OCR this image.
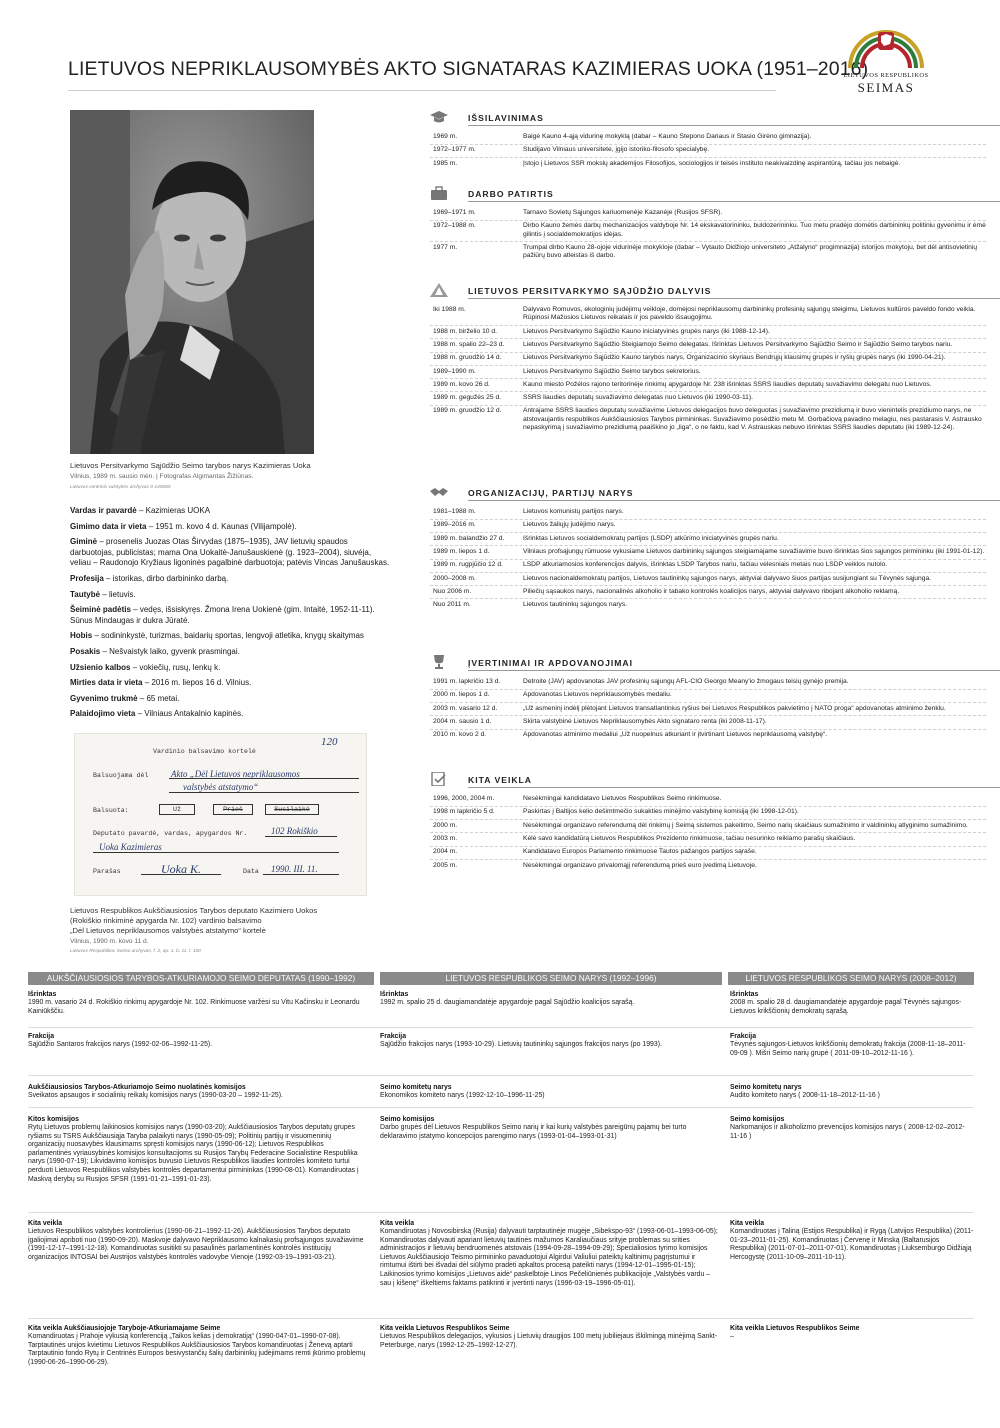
LIETUVOS NEPRIKLAUSOMYBĖS AKTO SIGNATARAS KAZIMIERAS UOKA (1951–2016)
LIETUVOS RESPUBLIKOS
SEIMAS
Lietuvos Persitvarkymo Sąjūdžio Seimo tarybos narys Kazimieras Uoka
Vilnius, 1989 m. sausio mėn. | Fotografas Algimantas Žižiūnas.
Lietuvos centrinis valstybės archyvas 0-145085
Vardas ir pavardė – Kazimieras UOKA
Gimimo data ir vieta – 1951 m. kovo 4 d. Kaunas (Vilijampolė).
Giminė – prosenelis Juozas Otas Širvydas (1875–1935), JAV lietuvių spaudos darbuotojas, publicistas; mama Ona Uokaitė-Janušauskienė (g. 1923–2004), siuvėja, veliau – Raudonojo Kryžiaus ligoninės pagalbinė darbuotoja; patėvis Vincas Janušauskas.
Profesija – istorikas, dirbo darbininko darbą.
Tautybė – lietuvis.
Šeiminė padėtis – vedęs, išsiskyręs. Žmona Irena Uokienė (gim. Intaitė, 1952-11-11). Sūnus Mindaugas ir dukra Jūratė.
Hobis – sodininkystė, turizmas, baidarių sportas, lengvoji atletika, knygų skaitymas
Posakis – Nešvaistyk laiko, gyvenk prasmingai.
Užsienio kalbos – vokiečių, rusų, lenkų k.
Mirties data ir vieta – 2016 m. liepos 16 d. Vilnius.
Gyvenimo trukmė – 65 metai.
Palaidojimo vieta – Vilniaus Antakalnio kapinės.
120
Vardinio balsavimo kortelė
Balsuojama dėl	Akto „Dėl Lietuvos nepriklausomos
valstybės atstatymo“
Balsuota:	Už	Prieš	Susilaikė
Deputato pavardė, vardas, apygardos Nr.	102 Rokiškio
Uoka Kazimieras
Parašas	Uoka K.	Data 1990. III. 11.
Lietuvos Respublikos Aukščiausiosios Tarybos deputato Kazimiero Uokos
(Rokiškio rinkiminė apygarda Nr. 102) vardinio balsavimo
„Dėl Lietuvos nepriklausomos valstybės atstatymo“ kortelė
Vilnius, 1990 m. kovo 11 d.
Lietuvos Respublikos Seimo archyvas, f. 2, ap. 1, b. 11, l. 100
IŠSILAVINIMAS
1969 m.	Baigė Kauno 4-ąją vidurinę mokyklą (dabar – Kauno Stepono Dariaus ir Stasio Girėno gimnazija).
1972–1977 m.	Studijavo Vilniaus universitete, įgijo istoriko-filosofo specialybę.
1985 m.	Įstojo į Lietuvos SSR mokslų akademijos Filosofijos, sociologijos ir teisės instituto neakivaizdinę aspirantūrą, tačiau jos nebaigė.
DARBO PATIRTIS
1969–1971 m.	Tarnavo Sovietų Sąjungos kariuomenėje Kazanėje (Rusijos SFSR).
1972–1988 m.	Dirbo Kauno žemės darbų mechanizacijos valdyboje Nr. 14 ekskavatorininku, buldozerininku. Tuo metu pradėjo domėtis darbininkų politiniu gyvenimu ir ėmė gilintis į socialdemokratijos idėjas.
1977 m.	Trumpai dirbo Kauno 28-ojoje vidurinėje mokykloje (dabar – Vytauto Didžiojo universiteto „Atžalyno“ progimnazija) istorijos mokytoju, bet dėl antisovietinių pažiūrų buvo atleistas iš darbo.
LIETUVOS PERSITVARKYMO SĄJŪDŽIO DALYVIS
Iki 1988 m.	Dalyvavo Romuvos, ekologinių judėjimų veikloje, domėjosi nepriklausomų darbininkų profesinių sąjungų steigimu, Lietuvos kultūros paveldo fondo veikla. Rūpinosi Mažosios Lietuvos reikalais ir jos paveldo išsaugojimu.
1988 m. birželio 10 d.	Lietuvos Persitvarkymo Sąjūdžio Kauno iniciatyvinės grupės narys (iki 1988-12-14).
1988 m. spalio 22–23 d.	Lietuvos Persitvarkymo Sąjūdžio Steigiamojo Seimo delegatas. Išrinktas Lietuvos Persitvarkymo Sąjūdžio Seimo ir Sąjūdžio Seimo tarybos nariu.
1988 m. gruodžio 14 d.	Lietuvos Persitvarkymo Sąjūdžio Kauno tarybos narys, Organizacinio skyriaus Bendrųjų klausimų grupės ir ryšių grupės narys (iki 1990-04-21).
1989–1990 m.	Lietuvos Persitvarkymo Sąjūdžio Seimo tarybos sekretorius.
1989 m. kovo 26 d.	Kauno miesto Požėlos rajono teritorinėje rinkimų apygardoje Nr. 238 išrinktas SSRS liaudies deputatų suvažiavimo delegatu nuo Lietuvos.
1989 m. gegužės 25 d.	SSRS liaudies deputatų suvažiavimo delegatas nuo Lietuvos (iki 1990-03-11).
1989 m. gruodžio 12 d.	Antrajame SSRS liaudies deputatų suvažiavime Lietuvos delegacijos buvo deleguotas į suvažiavimo prezidiumą ir buvo vienintelis prezidiumo narys, ne atstovaujantis respublikos Aukščiausiosios Tarybos pirmininkas. Suvažiavimo posėdžio metu M. Gorbačiovą pavadino melagiu, nes pastarasis V. Astrausko nepaskyrimą į suvažiavimo prezidiumą paaiškino jo „liga“, o ne faktu, kad V. Astrauskas nebuvo išrinktas SSRS liaudies deputatu (iki 1989-12-24).
ORGANIZACIJŲ, PARTIJŲ NARYS
1981–1988 m.	Lietuvos komunistų partijos narys.
1989–2016 m.	Lietuvos žaliųjų judėjimo narys.
1989 m. balandžio 27 d.	Išrinktas Lietuvos socialdemokratų partijos (LSDP) atkūrimo iniciatyvinės grupės nariu.
1989 m. liepos 1 d.	Vilniaus profsąjungų rūmuose vykusiame Lietuvos darbininkų sąjungos steigiamajame suvažiavime buvo išrinktas šios sąjungos pirmininku (iki 1991-01-12).
1989 m. rugpjūčio 12 d.	LSDP atkuriamosios konferencijos dalyvis, išrinktas LSDP Tarybos nariu, tačiau vėlesniais metais nuo LSDP veiklos nutolo.
2000–2008 m.	Lietuvos nacionaldemokratų partijos, Lietuvos tautininkų sąjungos narys, aktyviai dalyvavo šiuos partijas susijungiant su Tėvynės sąjunga.
Nuo 2006 m.	Piliečių sąsaukos narys, nacionalinės alkoholio ir tabako kontrolės koalicijos narys, aktyviai dalyvavo ribojant alkoholio reklamą.
Nuo 2011 m.	Lietuvos tautininkų sąjungos narys.
ĮVERTINIMAI IR APDOVANOJIMAI
1991 m. lapkričio 13 d.	Detroite (JAV) apdovanotas JAV profesinių sąjungų AFL-CIO Georgo Meany'io žmogaus teisių gynėjo premija.
2000 m. liepos 1 d.	Apdovanotas Lietuvos nepriklausomybės medaliu.
2003 m. vasario 12 d.	„Už asmeninį indėlį plėtojant Lietuvos transatlantinius ryšius bei Lietuvos Respublikos pakvietimo į NATO proga“ apdovanotas atminimo ženklu.
2004 m. sausio 1 d.	Skirta valstybinė Lietuvos Nepriklausomybės Akto signataro renta (iki 2008-11-17).
2010 m. kovo 2 d.	Apdovanotas atminimo medaliui „Už nuopelnus atkuriant ir įtvirtinant Lietuvos nepriklausomą valstybę“.
KITA VEIKLA
1996, 2000, 2004 m.	Nesėkmingai kandidatavo Lietuvos Respublikos Seimo rinkimuose.
1998 m lapkričio 5 d.	Paskirtas į Baltijos kelio dešimtmečio sukakties minėjimo valstybinę komisiją (iki 1998-12-01).
2000 m.	Nesėkmingai organizavo referendumą dėl rinkimų į Seimą sistemos pakeitimo, Seimo narių skaičiaus sumažinimo ir valdininkų atlyginimo sumažinimo.
2003 m.	Kėlė savo kandidatūrą Lietuvos Respublikos Prezidento rinkimuose, tačiau nesurinko reikiamo parašų skaičiaus.
2004 m.	Kandidatavo Europos Parlamento rinkimuose Tautos pažangos partijos sąraše.
2005 m.	Nesėkmingai organizavo privalomąjį referendumą prieš euro įvedimą Lietuvoje.
AUKŠČIAUSIOSIOS TARYBOS-ATKURIAMOJO SEIMO DEPUTATAS (1990–1992)	LIETUVOS RESPUBLIKOS SEIMO NARYS (1992–1996)	LIETUVOS RESPUBLIKOS SEIMO NARYS (2008–2012)
Išrinktas
1990 m. vasario 24 d. Rokiškio rinkimų apygardoje Nr. 102. Rinkimuose varžėsi su Vitu Kačinsku ir Leonardu Kainiūkščiu.
Frakcija
Sąjūdžio Santaros frakcijos narys (1992-02-06–1992-11-25).
Aukščiausiosios Tarybos-Atkuriamojo Seimo nuolatinės komisijos
Sveikatos apsaugos ir socialinių reikalų komisijos narys (1990-03-20 – 1992-11-25).
Kitos komisijos
Rytų Lietuvos problemų laikinosios komisijos narys (1990-03-20); Aukščiausiosios Tarybos deputatų grupės ryšiams su TSRS Aukščiausiąja Taryba palaikyti narys (1990-05-09); Politinių partijų ir visuomeninių organizacijų nuosavybės klausimams spręsti komisijos narys (1990-06-12); Lietuvos Respublikos parlamentinės vyriausybinės komisijos konsultacijoms su Rusijos Tarybų Federacine Socialistine Respublika narys (1990-07-19); Likvidavimo komisijos buvusio Lietuvos Respublikos liaudies kontrolės komiteto turtui perduoti Lietuvos Respublikos valstybės kontrolės departamentui pirmininkas (1990-08-01). Komandiruotas į Maskvą derybų su Rusijos SFSR (1991-01-21–1991-01-23).
Kita veikla
Lietuvos Respublikos valstybės kontrolierius (1990-06-21–1992-11-26). Aukščiausiosios Tarybos deputato įgaliojimai apriboti nuo (1990-09-20). Maskvoje dalyvavo Nepriklausomo kalnakasių profsąjungos suvažiavime (1991-12-17–1991-12-18). Komandiruotas susitikti su pasaulinės parlamentinės kontrolės institucijų organizacijos INTOSAI bei Austrijos valstybės kontrolės vadovybe Vienoje (1992-03-19–1991-03-21).
Kita veikla Aukščiausiojoje Taryboje-Atkuriamajame Seime
Komandiruotas į Prahoje vykusią konferenciją „Taikos kelias į demokratiją“ (1990-047-01–1990-07-08). Tarptautinės unijos kvietimu Lietuvos Respublikos Aukščiausiosios Tarybos komandiruotas į Ženevą aptarti Tarptautinio fondo Rytų ir Centrinės Europos besivystančių šalių darbininkų judėjimams remti įkūrimo problemų (1990-06-26–1990-06-29).
Išrinktas
1992 m. spalio 25 d. daugiamandatėje apygardoje pagal Sąjūdžio koalicijos sąrašą.
Frakcija
Sąjūdžio frakcijos narys (1993-10-29). Lietuvių tautininkų sąjungos frakcijos narys (po 1993).
Seimo komitetų narys
Ekonomikos komiteto narys (1992-12-10–1996-11-25)
Seimo komisijos
Darbo grupės dėl Lietuvos Respublikos Seimo narių ir kai kurių valstybės pareigūnų pajamų bei turto deklaravimo įstatymo koncepcijos parengimo narys (1993-01-04–1993-01-31)
Kita veikla
Komandiruotas į Novosibirską (Rusija) dalyvauti tarptautinėje mugėje „Sibekspo-93“ (1993-06-01–1993-06-05); Komandiruotas dalyvauti apariant lietuvių tautinės mažumos Karaliaučiaus srityje problemas su srities administracijos ir lietuvių bendruomenės atstovais (1994-09-28–1994-09-29); Specialiosios tyrimo komisijos Lietuvos Aukščiausiojo Teismo pirmininko pavaduotojui Algirdui Valiuliui pateiktų kaltinimų pagrįstumui ir rimtumui ištirti bei išvadai dėl siūlymo pradėti apkaltos procesą pateikti narys (1994-12-01–1995-01-15); Laikinosios tyrimo komisijos „Lietuvos aidė“ paskelbtoje Linos Pečeliūnienės publikacijoje „Valstybės vardu – sau į kišenę“ iškeltiems faktams patikrinti ir įvertinti narys (1996-03-19–1996-05-01).
Kita veikla Lietuvos Respublikos Seime
Lietuvos Respublikos delegacijos, vykusios į Lietuvių draugijos 100 metų jubiliejaus iškilmingą minėjimą Sankt-Peterburge, narys (1992-12-25–1992-12-27).
Išrinktas
2008 m. spalio 28 d. daugiamandatėje apygardoje pagal Tėvynės sąjungos-Lietuvos krikščionių demokratų sąrašą.
Frakcija
Tėvynės sąjungos-Lietuvos krikščionių demokratų frakcija (2008-11-18–2011-09-09 ). Mišri Seimo narių grupė ( 2011-09-10–2012-11-16 ).
Seimo komitetų narys
Audito komiteto narys ( 2008-11-18–2012-11-16 )
Seimo komisijos
Narkomanijos ir alkoholizmo prevencijos komisijos narys ( 2008-12-02–2012-11-16 )
Kita veikla
Komandiruotas į Taliną (Estijos Respublika) ir Rygą (Latvijos Respublika) (2011-01-23–2011-01-25). Komandiruotas į Červenę ir Minską (Baltarusijos Respublika) (2011-07-01–2011-07-01). Komandiruotas į Liuksemburgo Didžiąją Hercogystę (2011-10-09–2011-10-11).
Kita veikla Lietuvos Respublikos Seime
–
